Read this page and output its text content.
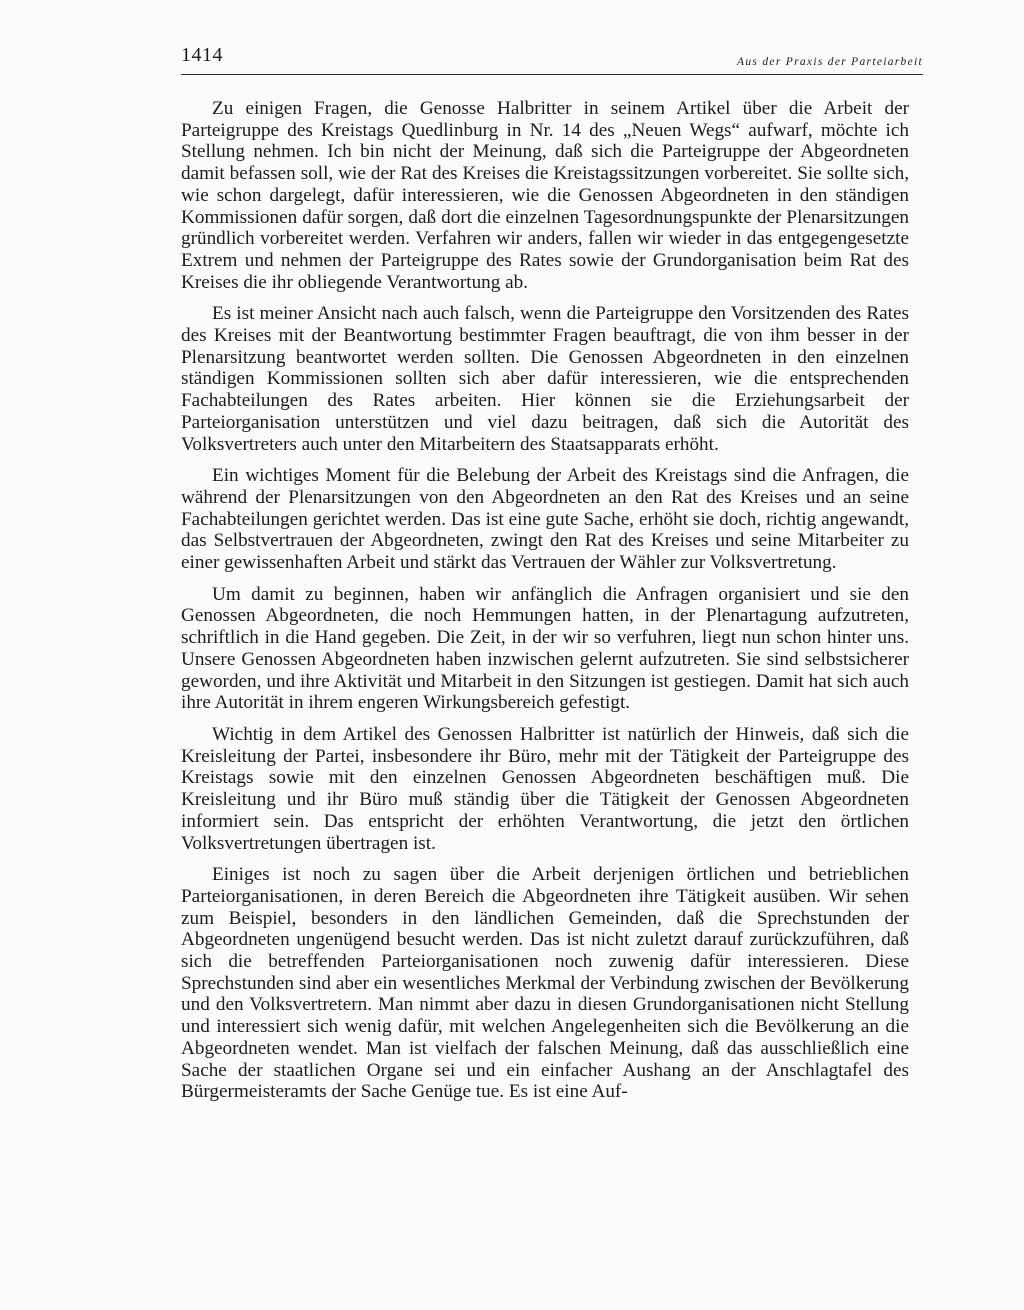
1414	Aus der Praxis der Parteiarbeit

Zu einigen Fragen, die Genosse Halbritter in seinem Artikel über die Arbeit der Parteigruppe des Kreistags Quedlinburg in Nr. 14 des „Neuen Wegs“ aufwarf, möchte ich Stellung nehmen. Ich bin nicht der Meinung, daß sich die Parteigruppe der Abgeordneten damit befassen soll, wie der Rat des Kreises die Kreistagssitzungen vorbereitet. Sie sollte sich, wie schon dargelegt, dafür interessieren, wie die Genossen Abgeordneten in den ständigen Kommissionen dafür sorgen, daß dort die einzelnen Tagesordnungspunkte der Plenarsitzungen gründlich vorbereitet werden. Verfahren wir anders, fallen wir wieder in das entgegengesetzte Extrem und nehmen der Parteigruppe des Rates sowie der Grundorganisation beim Rat des Kreises die ihr obliegende Verantwortung ab.

Es ist meiner Ansicht nach auch falsch, wenn die Parteigruppe den Vorsitzenden des Rates des Kreises mit der Beantwortung bestimmter Fragen beauftragt, die von ihm besser in der Plenarsitzung beantwortet werden sollten. Die Genossen Abgeordneten in den einzelnen ständigen Kommissionen sollten sich aber dafür interessieren, wie die entsprechenden Fachabteilungen des Rates arbeiten. Hier können sie die Erziehungsarbeit der Parteiorganisation unterstützen und viel dazu beitragen, daß sich die Autorität des Volksvertreters auch unter den Mitarbeitern des Staatsapparats erhöht.

Ein wichtiges Moment für die Belebung der Arbeit des Kreistags sind die Anfragen, die während der Plenarsitzungen von den Abgeordneten an den Rat des Kreises und an seine Fachabteilungen gerichtet werden. Das ist eine gute Sache, erhöht sie doch, richtig angewandt, das Selbstvertrauen der Abgeordneten, zwingt den Rat des Kreises und seine Mitarbeiter zu einer gewissenhaften Arbeit und stärkt das Vertrauen der Wähler zur Volksvertretung.

Um damit zu beginnen, haben wir anfänglich die Anfragen organisiert und sie den Genossen Abgeordneten, die noch Hemmungen hatten, in der Plenartagung aufzutreten, schriftlich in die Hand gegeben. Die Zeit, in der wir so verfuhren, liegt nun schon hinter uns. Unsere Genossen Abgeordneten haben inzwischen gelernt aufzutreten. Sie sind selbstsicherer geworden, und ihre Aktivität und Mitarbeit in den Sitzungen ist gestiegen. Damit hat sich auch ihre Autorität in ihrem engeren Wirkungsbereich gefestigt.

Wichtig in dem Artikel des Genossen Halbritter ist natürlich der Hinweis, daß sich die Kreisleitung der Partei, insbesondere ihr Büro, mehr mit der Tätigkeit der Parteigruppe des Kreistags sowie mit den einzelnen Genossen Abgeordneten beschäftigen muß. Die Kreisleitung und ihr Büro muß ständig über die Tätigkeit der Genossen Abgeordneten informiert sein. Das entspricht der erhöhten Verantwortung, die jetzt den örtlichen Volksvertretungen übertragen ist.

Einiges ist noch zu sagen über die Arbeit derjenigen örtlichen und betrieblichen Parteiorganisationen, in deren Bereich die Abgeordneten ihre Tätigkeit ausüben. Wir sehen zum Beispiel, besonders in den ländlichen Gemeinden, daß die Sprechstunden der Abgeordneten ungenügend besucht werden. Das ist nicht zuletzt darauf zurückzuführen, daß sich die betreffenden Parteiorganisationen noch zuwenig dafür interessieren. Diese Sprechstunden sind aber ein wesentliches Merkmal der Verbindung zwischen der Bevölkerung und den Volksvertretern. Man nimmt aber dazu in diesen Grundorganisationen nicht Stellung und interessiert sich wenig dafür, mit welchen Angelegenheiten sich die Bevölkerung an die Abgeordneten wendet. Man ist vielfach der falschen Meinung, daß das ausschließlich eine Sache der staatlichen Organe sei und ein einfacher Aushang an der Anschlagtafel des Bürgermeisteramts der Sache Genüge tue. Es ist eine Auf-
